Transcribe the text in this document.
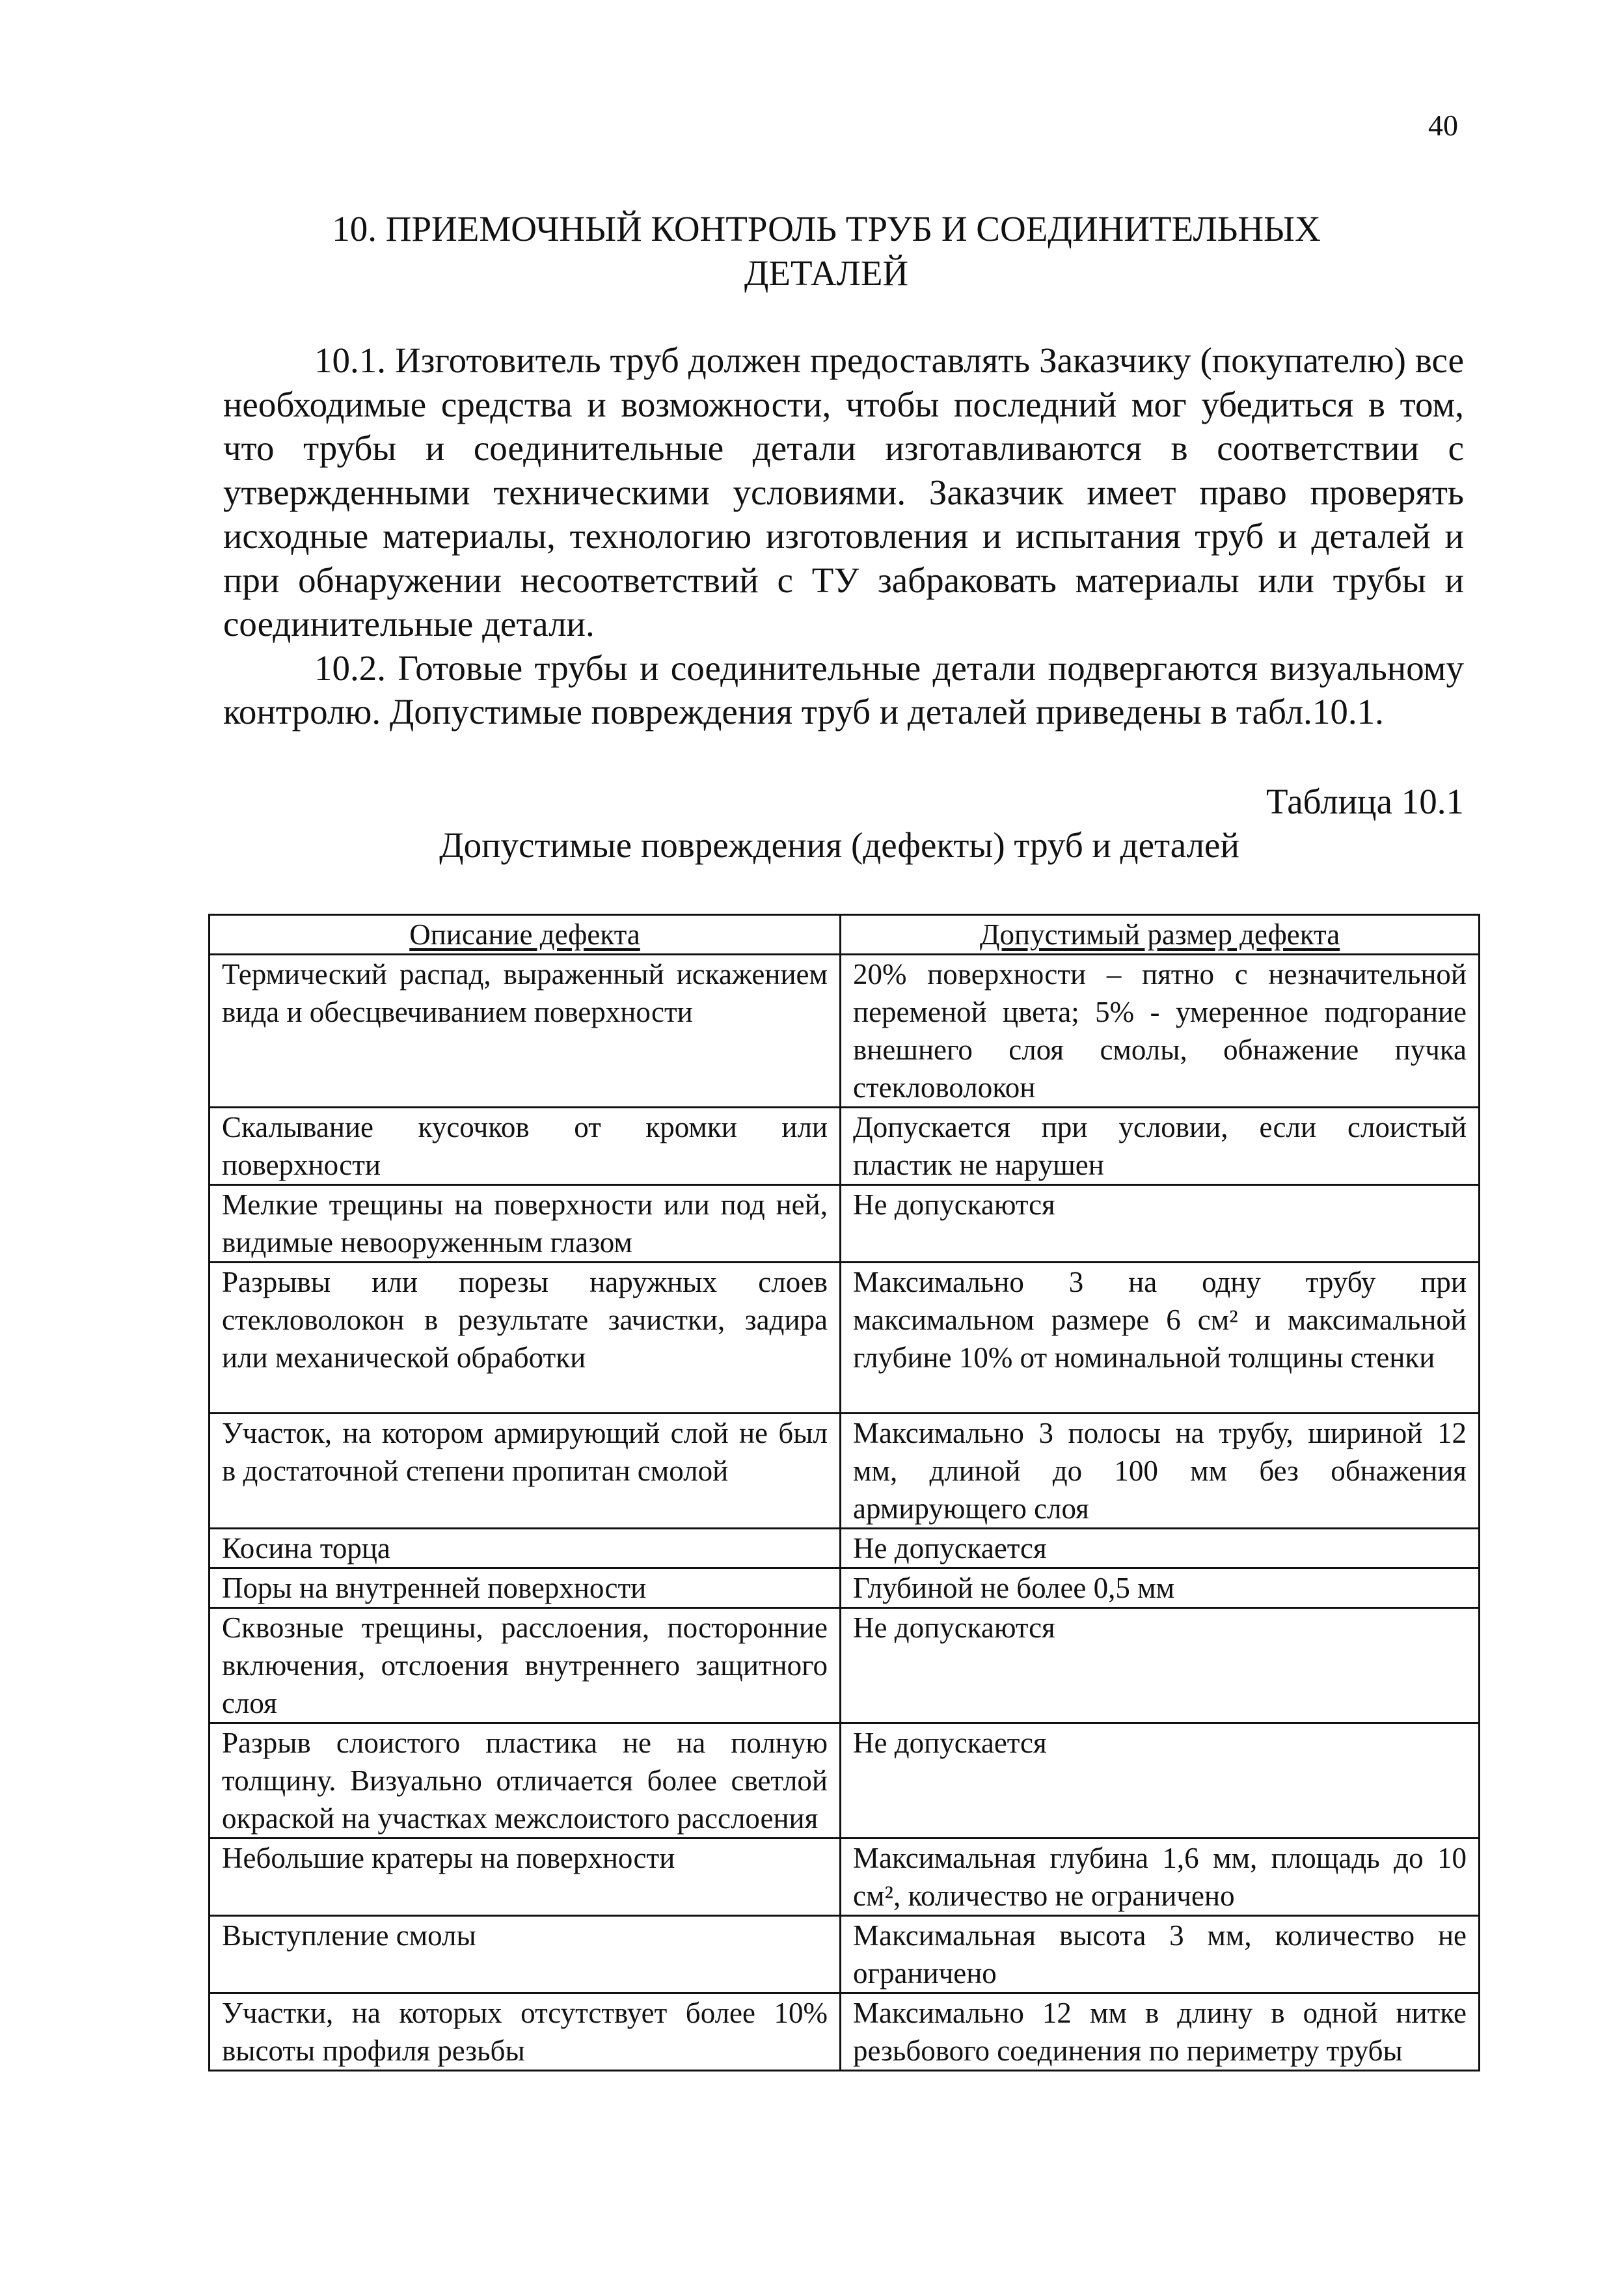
40
10. ПРИЕМОЧНЫЙ КОНТРОЛЬ ТРУБ И СОЕДИНИТЕЛЬНЫХ
ДЕТАЛЕЙ

10.1. Изготовитель труб должен предоставлять Заказчику (покупателю) все необходимые средства и возможности, чтобы последний мог убедиться в том, что трубы и соединительные детали изготавливаются в соответствии с утвержденными техническими условиями. Заказчик имеет право проверять исходные материалы, технологию изготовления и испытания труб и деталей и при обнаружении несоответствий с ТУ забраковать материалы или трубы и соединительные детали.

10.2. Готовые трубы и соединительные детали подвергаются визуальному контролю. Допустимые повреждения труб и деталей приведены в табл.10.1.

Таблица 10.1
Допустимые повреждения (дефекты) труб и деталей
Описание дефекта	Допустимый размер дефекта
Термический распад, выраженный искажением вида и обесцвечиванием поверхности	20% поверхности – пятно с незначительной переменой цвета; 5% - умеренное подгорание внешнего слоя смолы, обнажение пучка стекловолокон
Скалывание кусочков от кромки или поверхности	Допускается при условии, если слоистый пластик не нарушен
Мелкие трещины на поверхности или под ней, видимые невооруженным глазом	Не допускаются
Разрывы или порезы наружных слоев стекловолокон в результате зачистки, задира или механической обработки	Максимально 3 на одну трубу при максимальном размере 6 см² и максимальной глубине 10% от номинальной толщины стенки
Участок, на котором армирующий слой не был в достаточной степени пропитан смолой	Максимально 3 полосы на трубу, шириной 12 мм, длиной до 100 мм без обнажения армирующего слоя
Косина торца	Не допускается
Поры на внутренней поверхности	Глубиной не более 0,5 мм
Сквозные трещины, расслоения, посторонние включения, отслоения внутреннего защитного слоя	Не допускаются
Разрыв слоистого пластика не на полную толщину. Визуально отличается более светлой окраской на участках межслоистого расслоения	Не допускается
Небольшие кратеры на поверхности	Максимальная глубина 1,6 мм, площадь до 10 см², количество не ограничено
Выступление смолы	Максимальная высота 3 мм, количество не ограничено
Участки, на которых отсутствует более 10% высоты профиля резьбы	Максимально 12 мм в длину в одной нитке резьбового соединения по периметру трубы
